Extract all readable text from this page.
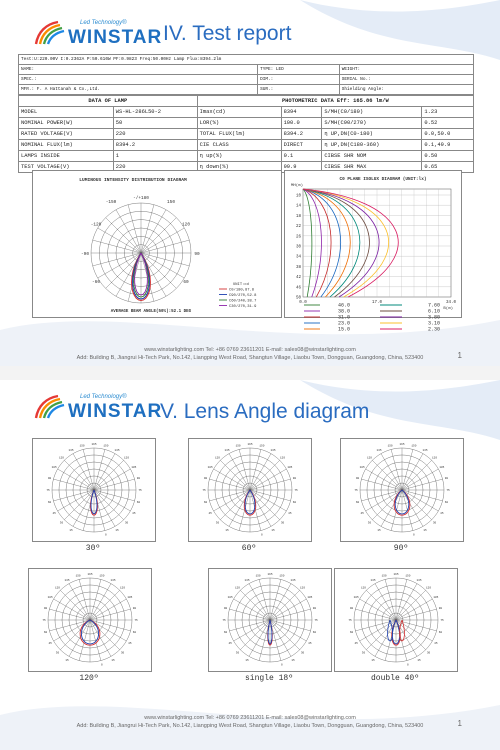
Led Technology®
WINSTAR IV. Test report
Test:U:220.00V I:0.2362A P:50.610W PF:0.9823 Freq:50.00Hz Lamp Flux:8394.2lm		
NAME:	TYPE: LED	WEIGHT:
SPEC.:	DIM.:	SERIAL No.:
MFR.: F. A Hattanah & Co.,Ltd.	SUR.:	Shielding Angle:
DATA OF LAMP		PHOTOMETRIC DATA Eff: 165.86 lm/W			
MODEL	WS-HL-286L50-2	Imax(cd)	8394	S/MH(C0/180)	1.23
NOMINAL POWER(W)	50	LOR(%)	100.0	S/MH(C90/270)	0.52
RATED VOLTAGE(V)	220	TOTAL FLUX(lm)	8394.2	η UP,DN(C0-180)	0.0,50.0
NOMINAL FLUX(lm)	8394.2	CIE CLASS	DIRECT	η UP,DN(C180-360)	0.1,49.9
LAMPS INSIDE	1	η up(%)	0.1	CIBSE SHR NOM	0.50
TEST VOLTAGE(V)	220	η down(%)	99.9	CIBSE SHR MAX	0.65
LUMINOUS INTENSITY DISTRIBUTION DIAGRAM
-/+180
150
-150
120
-120
90
-90
60
-60	UNIT:cd
C0/180,87.8
C90/270,52.8
C60/240,38.7
C30/270,31.9
AVERAGE BEAM ANGLE(50%):52.1 DEG
C0 PLANE ISOLUX DIAGRAM (UNIT:lx)
MH(m)
10
14
18
22
26
30
34
38
42
46
50
0.0	17.0	34.0
B(m)
www.winstarlighting.com Tel: +86 0769 23611201 E-mail: sales08@winstarlighting.com
Add: Building B, Jiangrui Hi-Tech Park, No.142, Liangping West Road, Shangtun Village, Liaobu Town, Dongguan, Guangdong, China, 523400	1
46.0
38.0
31.0
23.0
15.0
7.60
6.10
3.80
3.10
2.30
Led Technology®
WINSTAR
V. Lens Angle diagram
165
150
150
135
135
120
120
105
105
90
90
75
75
60
60
45
45
30
30
15
15
0
30º
165
150
150
135
135
120
120
105
105
90
90
75
75
60
60
45
45
30
30
15
15
0
60º
165
150
150
135
135
120
120
105
105
90
90
75
75
60
60
45
45
30
30
15
15
0
90º
165
150
150
135
135
120
120
105
105
90
90
75
75
60
60
45
45
30
30
15
15
0
120º
165
150
150
135
135
120
120
105
105
90
90
75
75
60
60
45
45
30
30
15
15
0
single 18º
165
150
150
135
135
120
120
105
105
90
90
75
75
60
60
45
45
30
30
15
15
0
double 40º
www.winstarlighting.com Tel: +86 0769 23611201 E-mail: sales08@winstarlighting.com
Add: Building B, Jiangrui Hi-Tech Park, No.142, Liangping West Road, Shangtun Village, Liaobu Town, Dongguan, Guangdong, China, 523400	1
